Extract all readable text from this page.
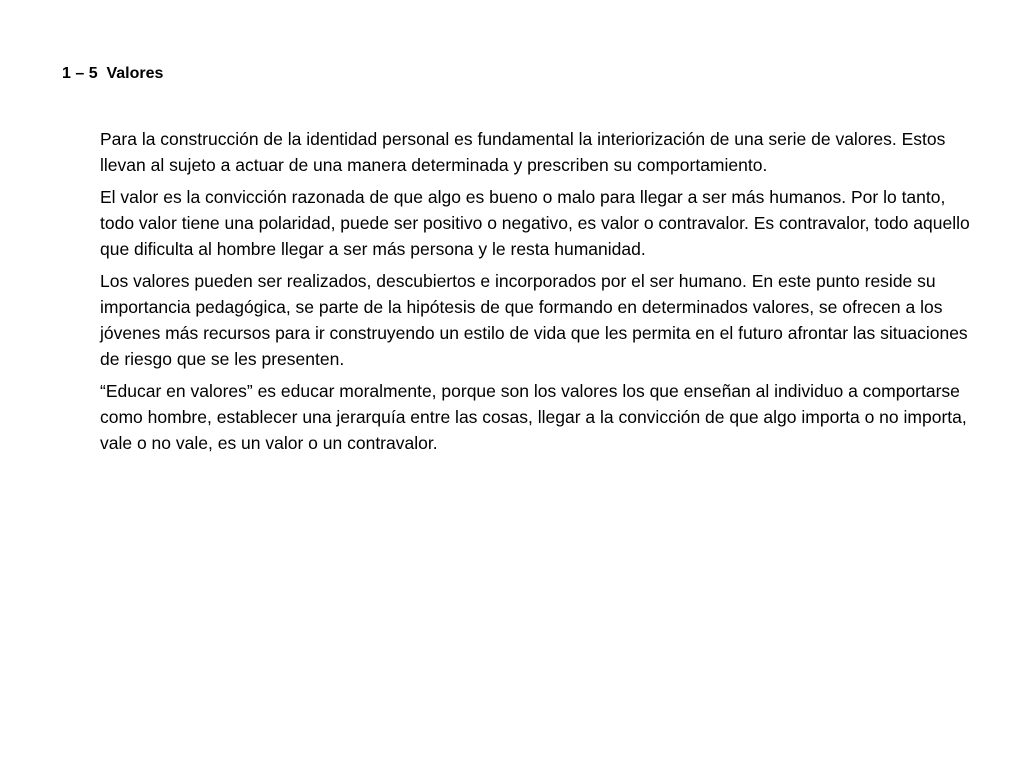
1 – 5  Valores

Para la construcción de la identidad personal es fundamental la interiorización de una serie de valores. Estos llevan al sujeto a actuar de una manera determinada y prescriben su comportamiento.

El valor es la convicción razonada de que algo es bueno o malo para llegar a ser más humanos. Por lo tanto, todo valor tiene una polaridad, puede ser positivo o negativo, es valor o contravalor. Es contravalor, todo aquello que dificulta al hombre llegar a ser más persona y le resta humanidad.

Los valores pueden ser realizados, descubiertos e incorporados por el ser humano. En este punto reside su importancia pedagógica, se parte de la hipótesis de que formando en determinados valores, se ofrecen a los jóvenes más recursos para ir construyendo un estilo de vida que les permita en el futuro afrontar las situaciones de riesgo que se les presenten.

“Educar en valores” es educar moralmente, porque son los valores los que enseñan al individuo a comportarse como hombre, establecer una jerarquía entre las cosas, llegar a la convicción de que algo importa o no importa, vale o no vale, es un valor o un contravalor.
